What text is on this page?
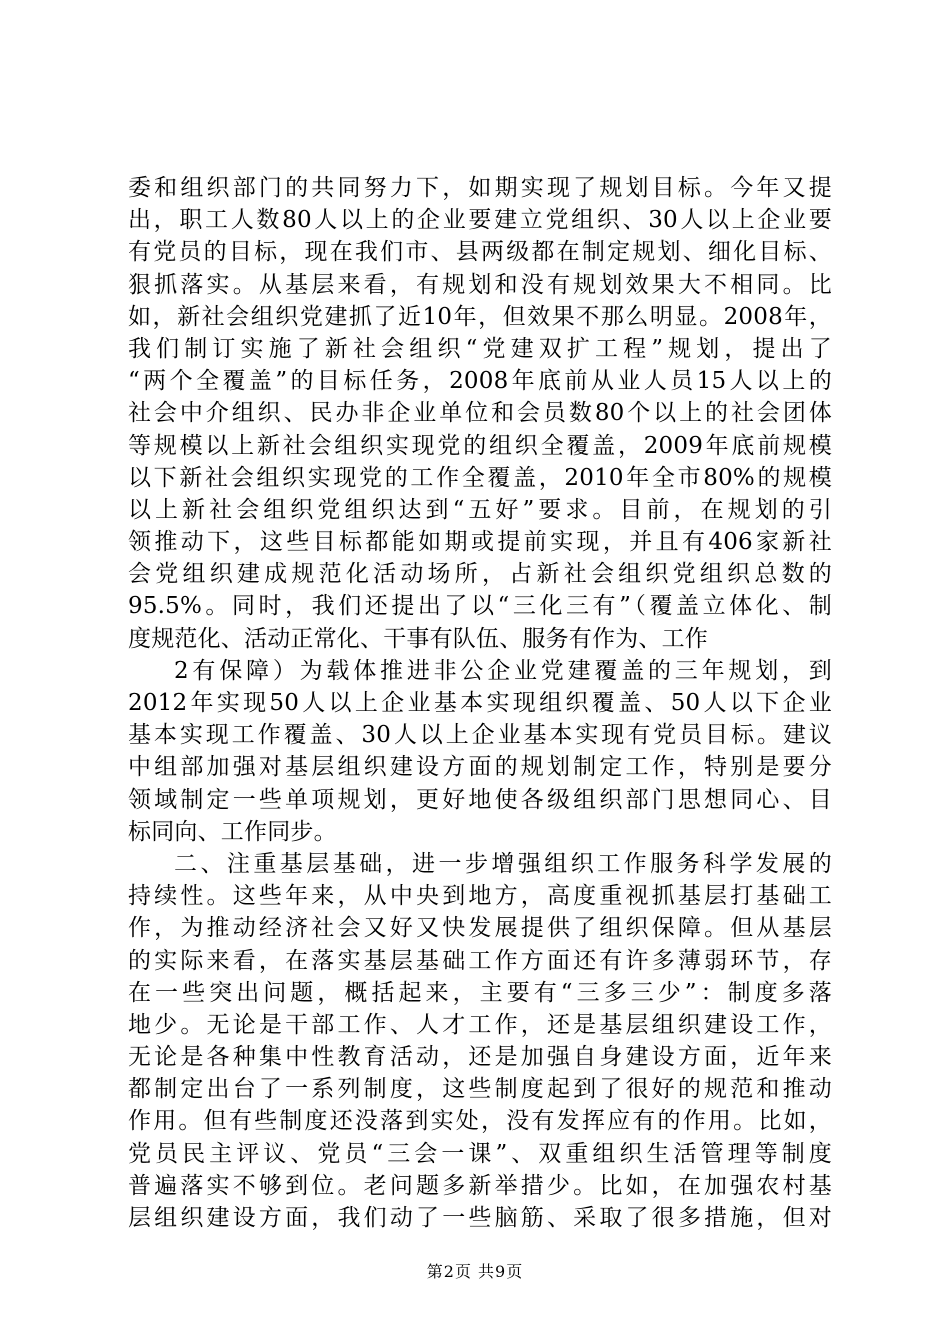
委和组织部门的共同努力下，如期实现了规划目标。今年又提
出，职工人数80人以上的企业要建立党组织、30人以上企业要
有党员的目标，现在我们市、县两级都在制定规划、细化目标、
狠抓落实。从基层来看，有规划和没有规划效果大不相同。比
如，新社会组织党建抓了近10年，但效果不那么明显。2008年，
我们制订实施了新社会组织“党建双扩工程”规划，提出了
“两个全覆盖”的目标任务，2008年底前从业人员15人以上的
社会中介组织、民办非企业单位和会员数80个以上的社会团体
等规模以上新社会组织实现党的组织全覆盖，2009年底前规模
以下新社会组织实现党的工作全覆盖，2010年全市80%的规模
以上新社会组织党组织达到“五好”要求。目前，在规划的引
领推动下，这些目标都能如期或提前实现，并且有406家新社
会党组织建成规范化活动场所，占新社会组织党组织总数的
95.5%。同时，我们还提出了以“三化三有”（覆盖立体化、制
度规范化、活动正常化、干事有队伍、服务有作为、工作
2有保障）为载体推进非公企业党建覆盖的三年规划，到
2012年实现50人以上企业基本实现组织覆盖、50人以下企业
基本实现工作覆盖、30人以上企业基本实现有党员目标。建议
中组部加强对基层组织建设方面的规划制定工作，特别是要分
领域制定一些单项规划，更好地使各级组织部门思想同心、目
标同向、工作同步。
二、注重基层基础，进一步增强组织工作服务科学发展的
持续性。这些年来，从中央到地方，高度重视抓基层打基础工
作，为推动经济社会又好又快发展提供了组织保障。但从基层
的实际来看，在落实基层基础工作方面还有许多薄弱环节，存
在一些突出问题，概括起来，主要有“三多三少”：制度多落
地少。无论是干部工作、人才工作，还是基层组织建设工作，
无论是各种集中性教育活动，还是加强自身建设方面，近年来
都制定出台了一系列制度，这些制度起到了很好的规范和推动
作用。但有些制度还没落到实处，没有发挥应有的作用。比如，
党员民主评议、党员“三会一课”、双重组织生活管理等制度
普遍落实不够到位。老问题多新举措少。比如，在加强农村基
层组织建设方面，我们动了一些脑筋、采取了很多措施，但对
第2页 共9页
